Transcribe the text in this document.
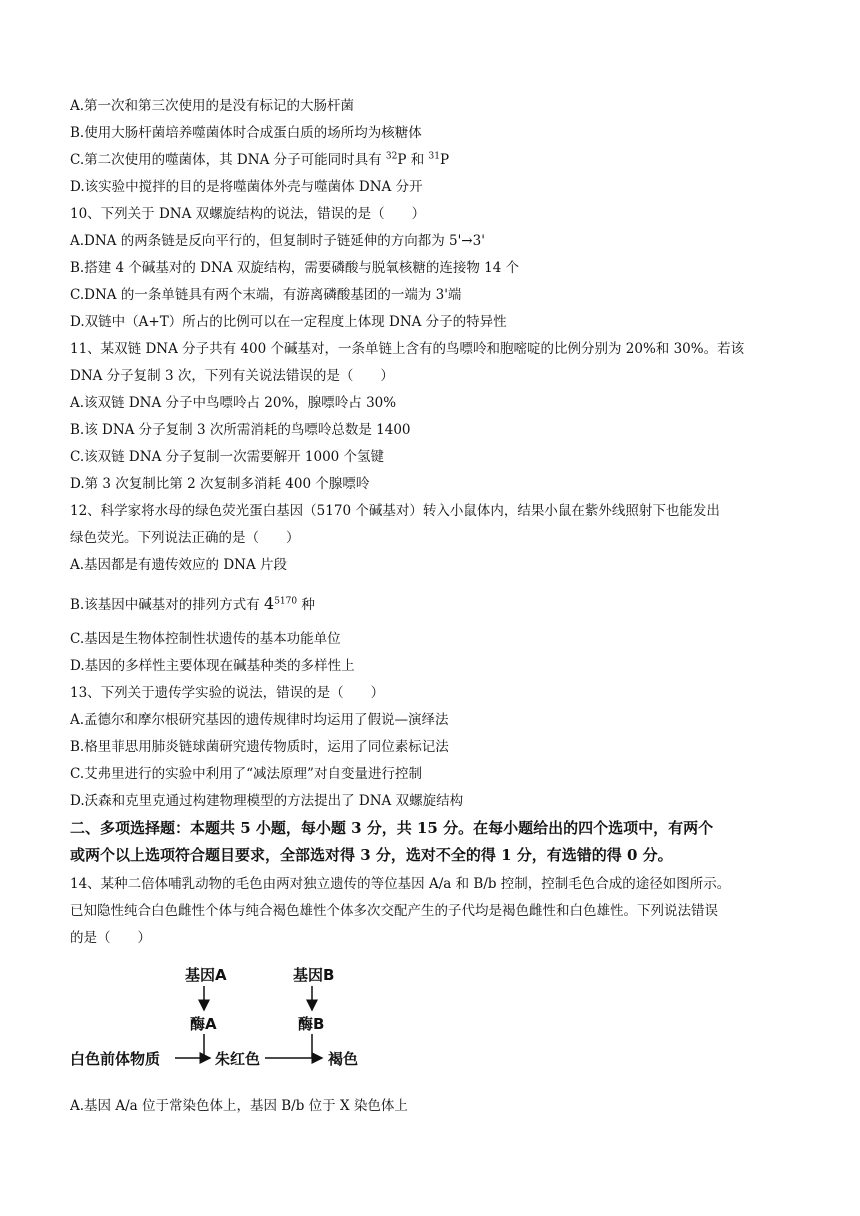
A.第一次和第三次使用的是没有标记的大肠杆菌
B.使用大肠杆菌培养噬菌体时合成蛋白质的场所均为核糖体
C.第二次使用的噬菌体，其 DNA 分子可能同时具有 $^{32}$P 和 $^{31}$P
D.该实验中搅拌的目的是将噬菌体外壳与噬菌体 DNA 分开
10、下列关于 DNA 双螺旋结构的说法，错误的是（　　）
A.DNA 的两条链是反向平行的，但复制时子链延伸的方向都为 5'→3'
B.搭建 4 个碱基对的 DNA 双旋结构，需要磷酸与脱氧核糖的连接物 14 个
C.DNA 的一条单链具有两个末端，有游离磷酸基团的一端为 3'端
D.双链中（A+T）所占的比例可以在一定程度上体现 DNA 分子的特异性
11、某双链 DNA 分子共有 400 个碱基对，一条单链上含有的鸟嘌呤和胞嘧啶的比例分别为 20%和 30%。若该
DNA 分子复制 3 次，下列有关说法错误的是（　　）
A.该双链 DNA 分子中鸟嘌呤占 20%，腺嘌呤占 30%
B.该 DNA 分子复制 3 次所需消耗的鸟嘌呤总数是 1400
C.该双链 DNA 分子复制一次需要解开 1000 个氢键
D.第 3 次复制比第 2 次复制多消耗 400 个腺嘌呤
12、科学家将水母的绿色荧光蛋白基因（5170 个碱基对）转入小鼠体内，结果小鼠在紫外线照射下也能发出
绿色荧光。下列说法正确的是（　　）
A.基因都是有遗传效应的 DNA 片段
B.该基因中碱基对的排列方式有 $4^{5170}$ 种
C.基因是生物体控制性状遗传的基本功能单位
D.基因的多样性主要体现在碱基种类的多样性上
13、下列关于遗传学实验的说法，错误的是（　　）
A.孟德尔和摩尔根研究基因的遗传规律时均运用了假说—演绎法
B.格里菲思用肺炎链球菌研究遗传物质时，运用了同位素标记法
C.艾弗里进行的实验中利用了“减法原理”对自变量进行控制
D.沃森和克里克通过构建物理模型的方法提出了 DNA 双螺旋结构
二、多项选择题：本题共 5 小题，每小题 3 分，共 15 分。在每小题给出的四个选项中，有两个
或两个以上选项符合题目要求，全部选对得 3 分，选对不全的得 1 分，有选错的得 0 分。
14、某种二倍体哺乳动物的毛色由两对独立遗传的等位基因 A/a 和 B/b 控制，控制毛色合成的途径如图所示。
已知隐性纯合白色雌性个体与纯合褐色雄性个体多次交配产生的子代均是褐色雌性和白色雄性。下列说法错误
的是（　　）
基因A	基因B
酶A	酶B
白色前体物质	朱红色	褐色
A.基因 A/a 位于常染色体上，基因 B/b 位于 X 染色体上
